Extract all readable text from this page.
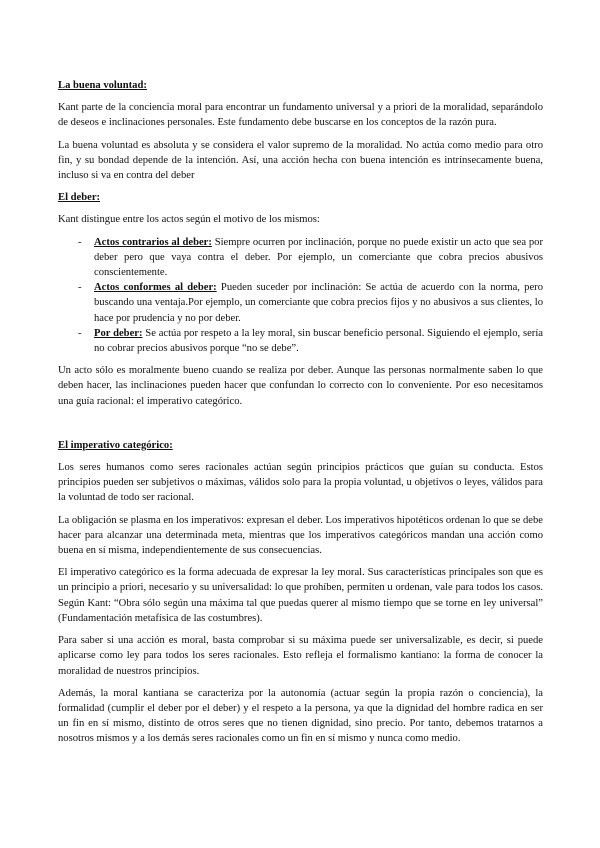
La buena voluntad:

Kant parte de la conciencia moral para encontrar un fundamento universal y a priori de la moralidad, separándolo de deseos e inclinaciones personales. Este fundamento debe buscarse en los conceptos de la razón pura.

La buena voluntad es absoluta y se considera el valor supremo de la moralidad. No actúa como medio para otro fin, y su bondad depende de la intención. Así, una acción hecha con buena intención es intrínsecamente buena, incluso si va en contra del deber

El deber:

Kant distingue entre los actos según el motivo de los mismos:

- Actos contrarios al deber: Siempre ocurren por inclinación, porque no puede existir un acto que sea por deber pero que vaya contra el deber. Por ejemplo, un comerciante que cobra precios abusivos conscientemente.
- Actos conformes al deber: Pueden suceder por inclinación: Se actúa de acuerdo con la norma, pero buscando una ventaja.Por ejemplo, un comerciante que cobra precios fijos y no abusivos a sus clientes, lo hace por prudencia y no por deber.
- Por deber: Se actúa por respeto a la ley moral, sin buscar beneficio personal. Siguiendo el ejemplo, sería no cobrar precios abusivos porque “no se debe”.

Un acto sólo es moralmente bueno cuando se realiza por deber. Aunque las personas normalmente saben lo que deben hacer, las inclinaciones pueden hacer que confundan lo correcto con lo conveniente. Por eso necesitamos una guía racional: el imperativo categórico.

El imperativo categórico:

Los seres humanos como seres racionales actúan según principios prácticos que guían su conducta. Estos principios pueden ser subjetivos o máximas, válidos solo para la propia voluntad, u objetivos o leyes, válidos para la voluntad de todo ser racional.

La obligación se plasma en los imperativos: expresan el deber. Los imperativos hipotéticos ordenan lo que se debe hacer para alcanzar una determinada meta, mientras que los imperativos categóricos mandan una acción como buena en sí misma, independientemente de sus consecuencias.

El imperativo categórico es la forma adecuada de expresar la ley moral. Sus características principales son que es un principio a priori, necesario y su universalidad: lo que prohíben, permiten u ordenan, vale para todos los casos. Según Kant: “Obra sólo según una máxima tal que puedas querer al mismo tiempo que se torne en ley universal” (Fundamentación metafísica de las costumbres).

Para saber si una acción es moral, basta comprobar si su máxima puede ser universalizable, es decir, si puede aplicarse como ley para todos los seres racionales. Esto refleja el formalismo kantiano: la forma de conocer la moralidad de nuestros principios.

Además, la moral kantiana se caracteriza por la autonomía (actuar según la propia razón o conciencia), la formalidad (cumplir el deber por el deber) y el respeto a la persona, ya que la dignidad del hombre radica en ser un fin en sí mismo, distinto de otros seres que no tienen dignidad, sino precio. Por tanto, debemos tratarnos a nosotros mismos y a los demás seres racionales como un fin en sí mismo y nunca como medio.
